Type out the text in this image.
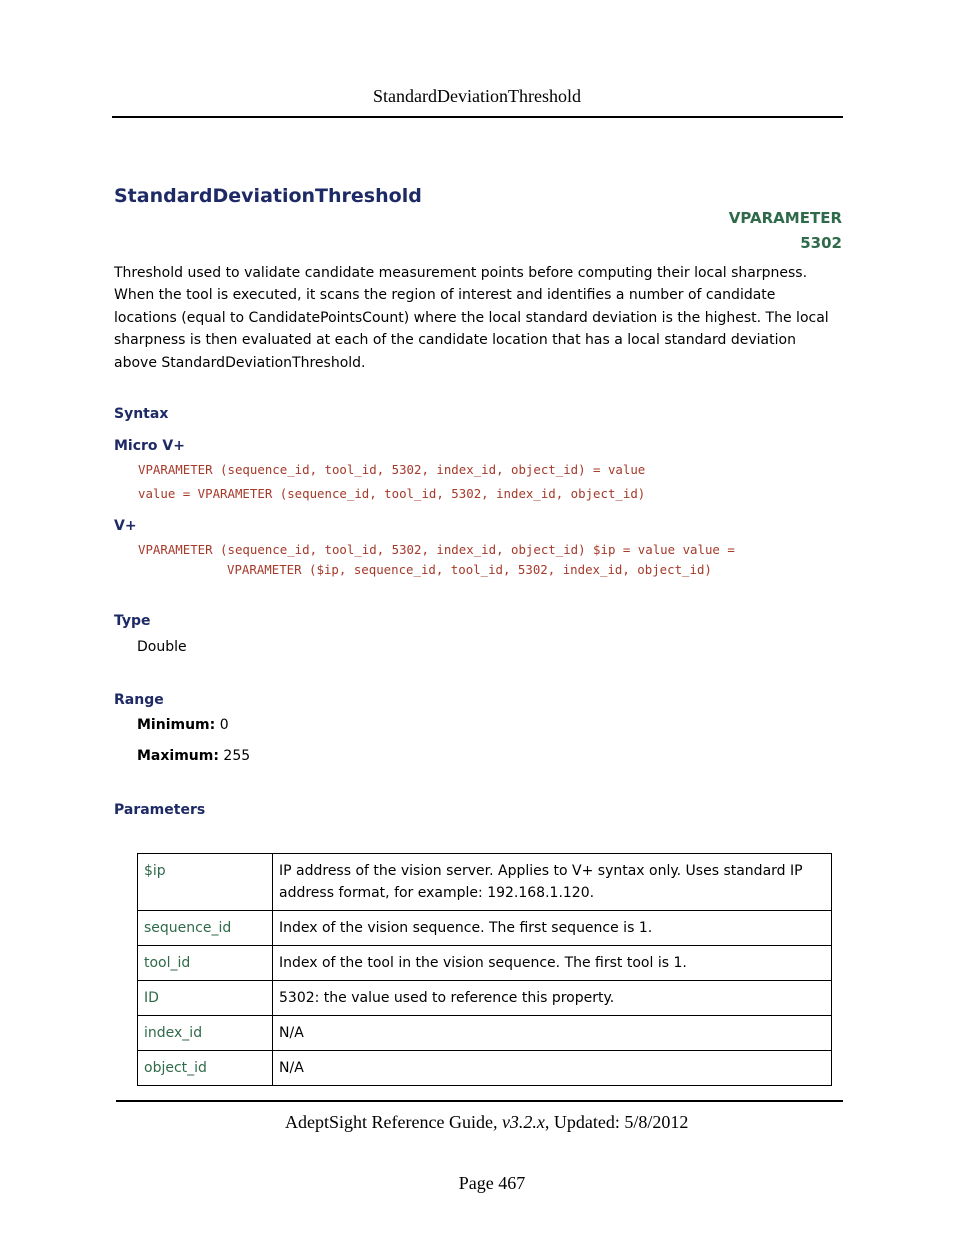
StandardDeviationThreshold
StandardDeviationThreshold
VPARAMETER
5302
Threshold used to validate candidate measurement points before computing their local sharpness. When the tool is executed, it scans the region of interest and identifies a number of candidate locations (equal to CandidatePointsCount) where the local standard deviation is the highest. The local sharpness is then evaluated at each of the candidate location that has a local standard deviation above StandardDeviationThreshold.
Syntax
Micro V+
VPARAMETER (sequence_id, tool_id, 5302, index_id, object_id) = value
value = VPARAMETER (sequence_id, tool_id, 5302, index_id, object_id)
V+
VPARAMETER (sequence_id, tool_id, 5302, index_id, object_id) $ip = value value =
VPARAMETER ($ip, sequence_id, tool_id, 5302, index_id, object_id)
Type
Double
Range
Minimum: 0
Maximum: 255
Parameters
$ip	IP address of the vision server. Applies to V+ syntax only. Uses standard IP address format, for example: 192.168.1.120.
sequence_id	Index of the vision sequence. The first sequence is 1.
tool_id	Index of the tool in the vision sequence. The first tool is 1.
ID	5302: the value used to reference this property.
index_id	N/A
object_id	N/A
AdeptSight Reference Guide, v3.2.x, Updated: 5/8/2012
Page 467
